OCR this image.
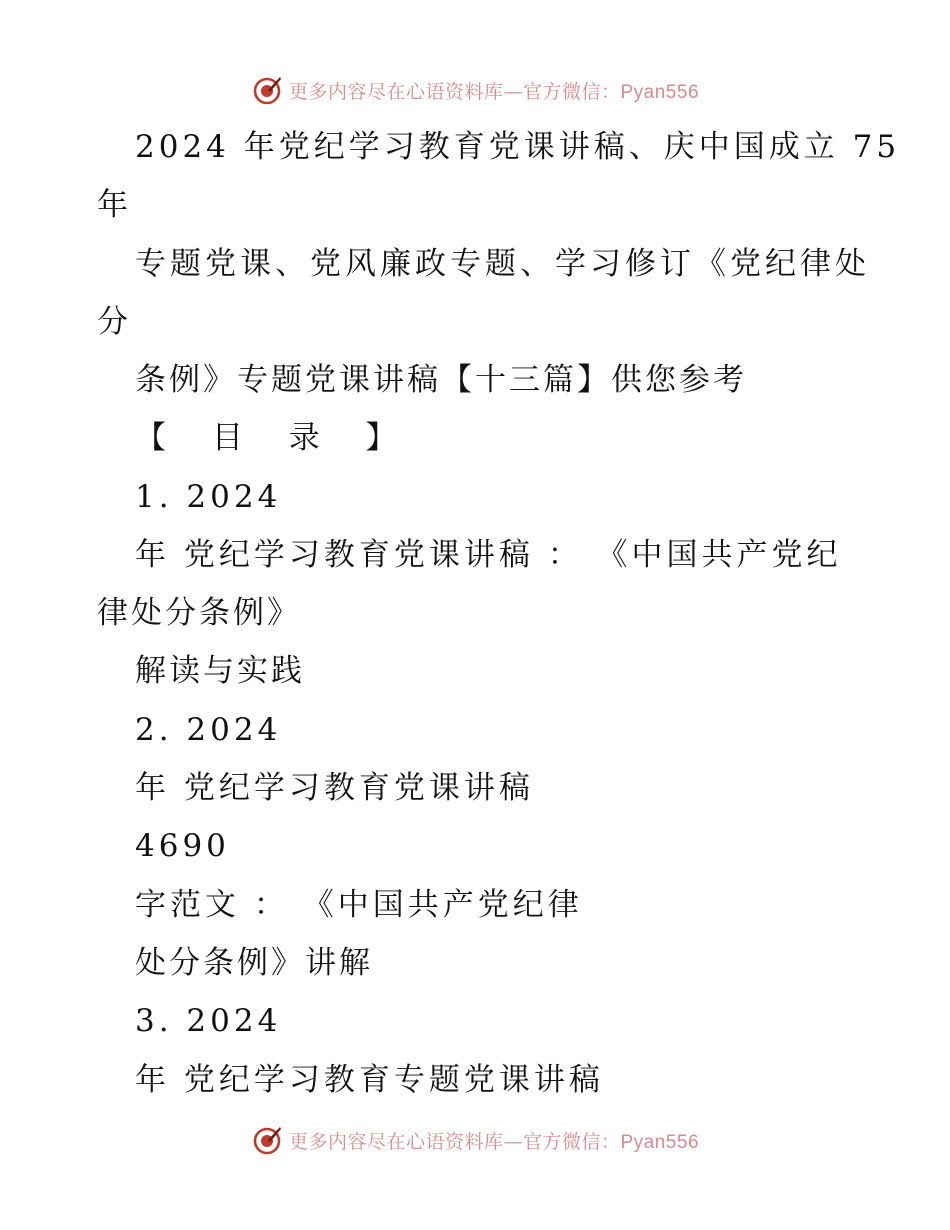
更多内容尽在心语资料库—官方微信：Pyan556
2024 年党纪学习教育党课讲稿、庆中国成立 75
年
专题党课、党风廉政专题、学习修订《党纪律处
分
条例》专题党课讲稿【十三篇】供您参考
【 目 录 】
1. 2024
年 党纪学习教育党课讲稿 ： 《中国共产党纪
律处分条例》
解读与实践
2. 2024
年 党纪学习教育党课讲稿
4690
字范文 ： 《中国共产党纪律
处分条例》讲解
3. 2024
年 党纪学习教育专题党课讲稿
更多内容尽在心语资料库—官方微信：Pyan556
